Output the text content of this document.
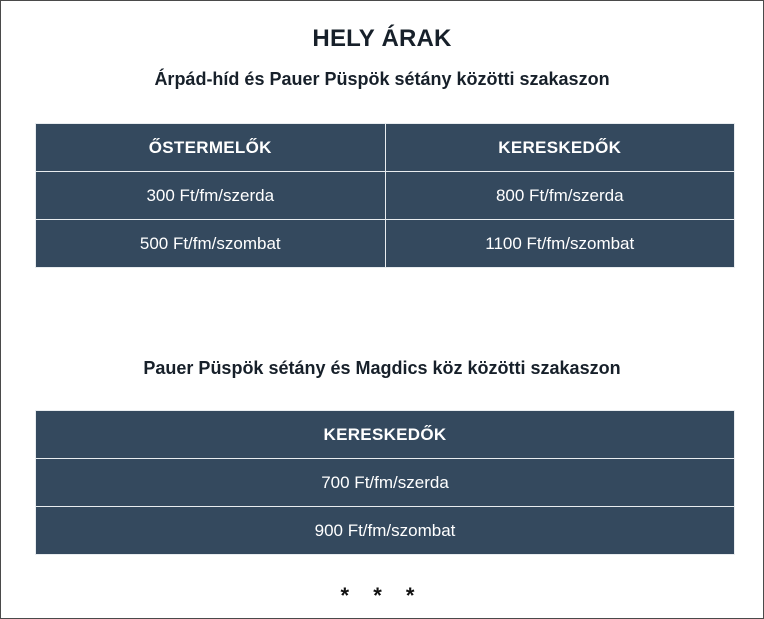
HELY ÁRAK
Árpád-híd és Pauer Püspök sétány közötti szakaszon
ŐSTERMELŐK	KERESKEDŐK
300 Ft/fm/szerda	800 Ft/fm/szerda
500 Ft/fm/szombat	1100 Ft/fm/szombat
Pauer Püspök sétány és Magdics köz közötti szakaszon
KERESKEDŐK
700 Ft/fm/szerda
900 Ft/fm/szombat
* * *
